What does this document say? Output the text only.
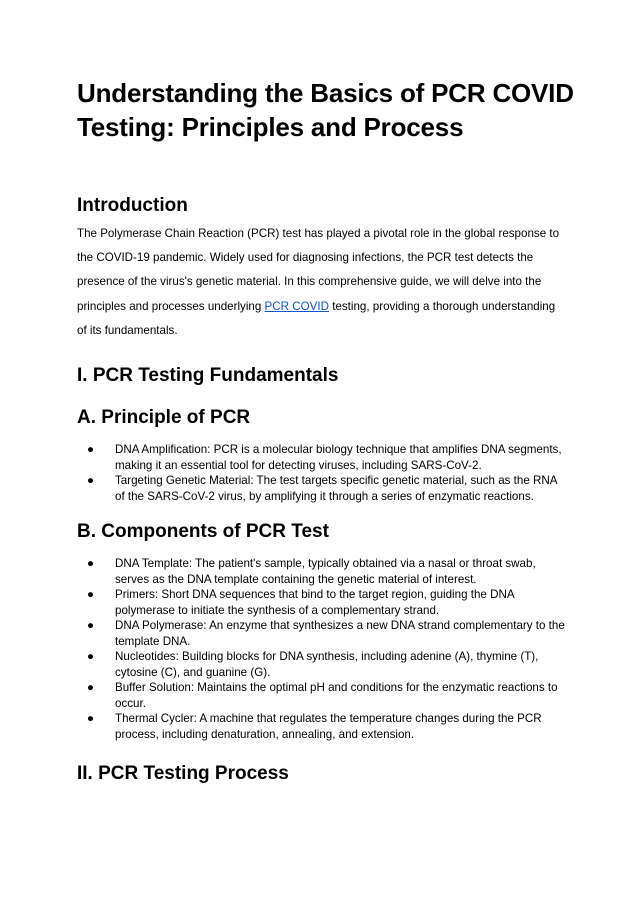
Understanding the Basics of PCR COVID Testing: Principles and Process
Introduction

The Polymerase Chain Reaction (PCR) test has played a pivotal role in the global response to the COVID-19 pandemic. Widely used for diagnosing infections, the PCR test detects the presence of the virus's genetic material. In this comprehensive guide, we will delve into the principles and processes underlying PCR COVID testing, providing a thorough understanding of its fundamentals.

I. PCR Testing Fundamentals
A. Principle of PCR
● DNA Amplification: PCR is a molecular biology technique that amplifies DNA segments, making it an essential tool for detecting viruses, including SARS-CoV-2.
● Targeting Genetic Material: The test targets specific genetic material, such as the RNA of the SARS-CoV-2 virus, by amplifying it through a series of enzymatic reactions.
B. Components of PCR Test
● DNA Template: The patient's sample, typically obtained via a nasal or throat swab, serves as the DNA template containing the genetic material of interest.
● Primers: Short DNA sequences that bind to the target region, guiding the DNA polymerase to initiate the synthesis of a complementary strand.
● DNA Polymerase: An enzyme that synthesizes a new DNA strand complementary to the template DNA.
● Nucleotides: Building blocks for DNA synthesis, including adenine (A), thymine (T), cytosine (C), and guanine (G).
● Buffer Solution: Maintains the optimal pH and conditions for the enzymatic reactions to occur.
● Thermal Cycler: A machine that regulates the temperature changes during the PCR process, including denaturation, annealing, and extension.
II. PCR Testing Process
